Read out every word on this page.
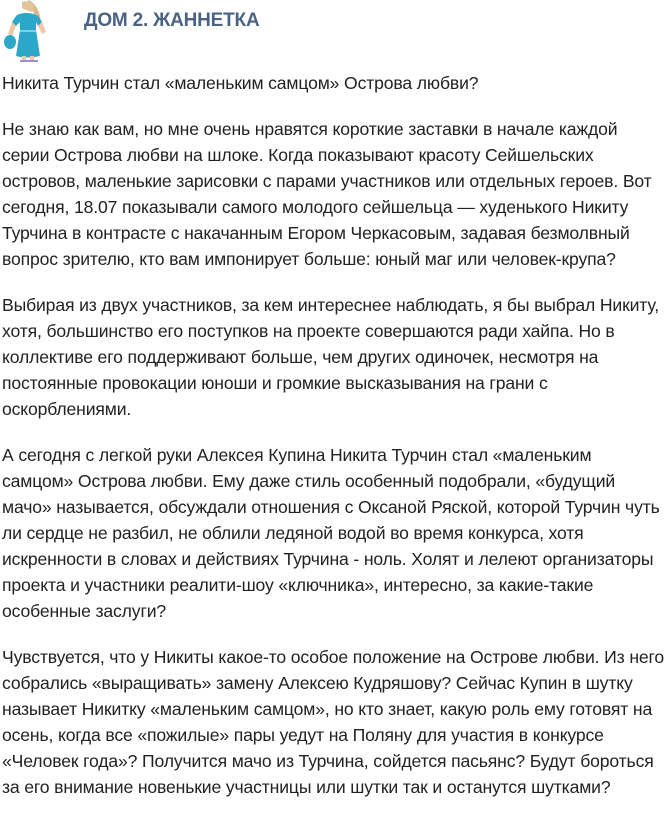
ДОМ 2. ЖАННЕТКА

Никита Турчин стал «маленьким самцом» Острова любви?

Не знаю как вам, но мне очень нравятся короткие заставки в начале каждой серии Острова любви на шлоке. Когда показывают красоту Сейшельских островов, маленькие зарисовки с парами участников или отдельных героев. Вот сегодня, 18.07 показывали самого молодого сейшельца — худенького Никиту Турчина в контрасте с накачанным Егором Черкасовым, задавая безмолвный вопрос зрителю, кто вам импонирует больше: юный маг или человек-крупа?

Выбирая из двух участников, за кем интереснее наблюдать, я бы выбрал Никиту, хотя, большинство его поступков на проекте совершаются ради хайпа. Но в коллективе его поддерживают больше, чем других одиночек, несмотря на постоянные провокации юноши и громкие высказывания на грани с оскорблениями.

А сегодня с легкой руки Алексея Купина Никита Турчин стал «маленьким самцом» Острова любви. Ему даже стиль особенный подобрали, «будущий мачо» называется, обсуждали отношения с Оксаной Ряской, которой Турчин чуть ли сердце не разбил, не облили ледяной водой во время конкурса, хотя искренности в словах и действиях Турчина - ноль. Холят и лелеют организаторы проекта и участники реалити-шоу «ключника», интересно, за какие-такие особенные заслуги?

Чувствуется, что у Никиты какое-то особое положение на Острове любви. Из него собрались «выращивать» замену Алексею Кудряшову? Сейчас Купин в шутку называет Никитку «маленьким самцом», но кто знает, какую роль ему готовят на осень, когда все «пожилые» пары уедут на Поляну для участия в конкурсе «Человек года»? Получится мачо из Турчина, сойдется пасьянс? Будут бороться за его внимание новенькие участницы или шутки так и останутся шутками?
